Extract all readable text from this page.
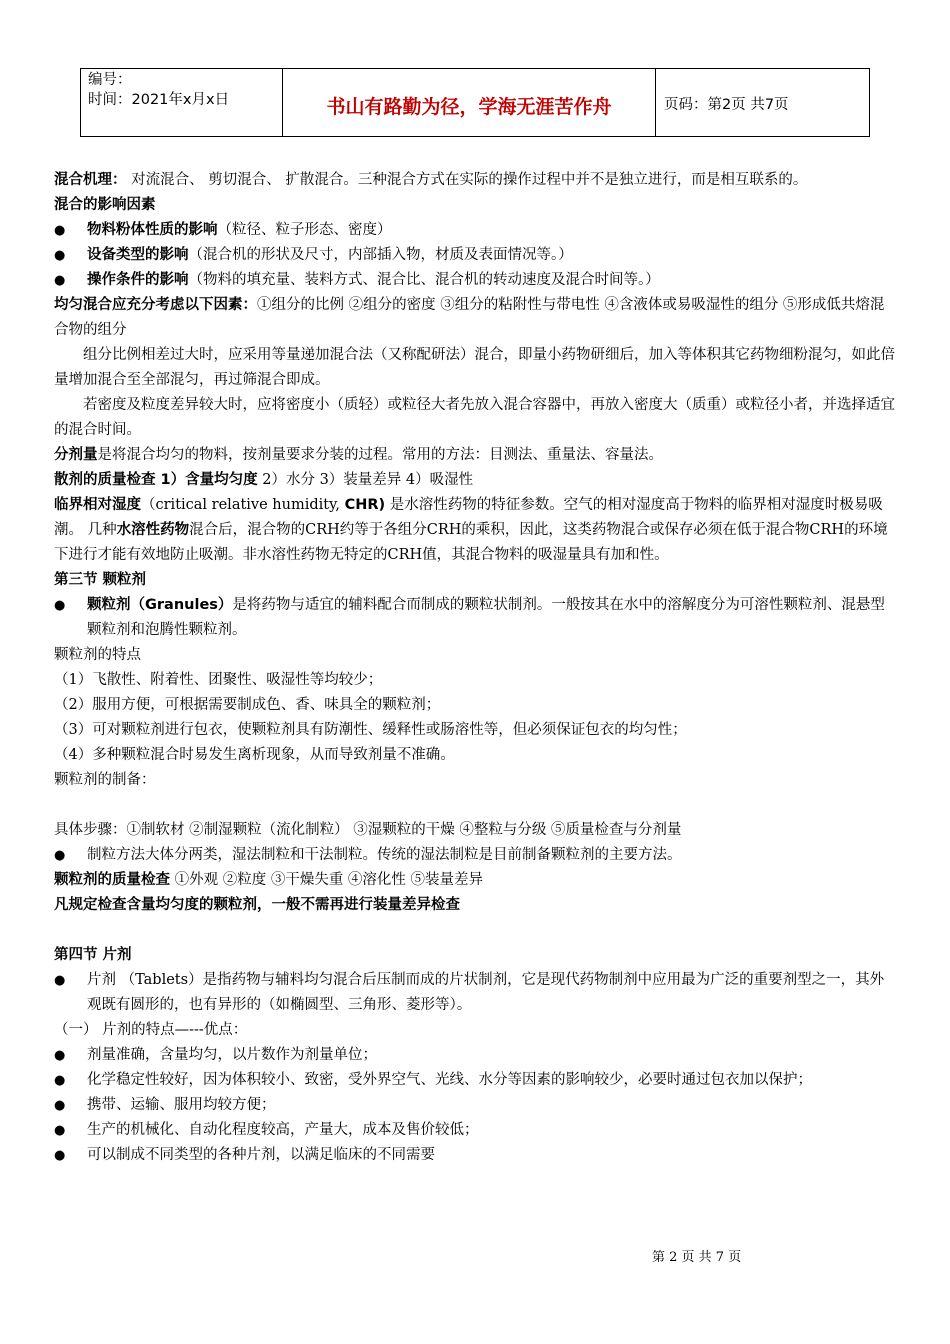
编号：
时间：2021年x月x日	书山有路勤为径，学海无涯苦作舟	页码：第2页 共7页

混合机理： 对流混合、 剪切混合、 扩散混合。三种混合方式在实际的操作过程中并不是独立进行，而是相互联系的。

混合的影响因素

● 物料粉体性质的影响（粒径、粒子形态、密度）

● 设备类型的影响（混合机的形状及尺寸，内部插入物，材质及表面情况等。）

● 操作条件的影响（物料的填充量、装料方式、混合比、混合机的转动速度及混合时间等。）

均匀混合应充分考虑以下因素：①组分的比例 ②组分的密度 ③组分的粘附性与带电性 ④含液体或易吸湿性的组分 ⑤形成低共熔混合物的组分

组分比例相差过大时，应采用等量递加混合法（又称配研法）混合，即量小药物研细后，加入等体积其它药物细粉混匀，如此倍量增加混合至全部混匀，再过筛混合即成。

若密度及粒度差异较大时，应将密度小（质轻）或粒径大者先放入混合容器中，再放入密度大（质重）或粒径小者，并选择适宜的混合时间。

分剂量是将混合均匀的物料，按剂量要求分装的过程。常用的方法：目测法、重量法、容量法。

散剂的质量检查 1）含量均匀度 2）水分 3）装量差异 4）吸湿性

临界相对湿度（critical relative humidity, CHR) 是水溶性药物的特征参数。空气的相对湿度高于物料的临界相对湿度时极易吸潮。 几种水溶性药物混合后，混合物的CRH约等于各组分CRH的乘积，因此，这类药物混合或保存必须在低于混合物CRH的环境下进行才能有效地防止吸潮。非水溶性药物无特定的CRH值，其混合物料的吸湿量具有加和性。

第三节 颗粒剂

● 颗粒剂（Granules）是将药物与适宜的辅料配合而制成的颗粒状制剂。一般按其在水中的溶解度分为可溶性颗粒剂、混悬型颗粒剂和泡腾性颗粒剂。

颗粒剂的特点

（1）飞散性、附着性、团聚性、吸湿性等均较少；

（2）服用方便，可根据需要制成色、香、味具全的颗粒剂；

（3）可对颗粒剂进行包衣，使颗粒剂具有防潮性、缓释性或肠溶性等，但必须保证包衣的均匀性；

（4）多种颗粒混合时易发生离析现象，从而导致剂量不准确。

颗粒剂的制备：

具体步骤：①制软材 ②制湿颗粒（流化制粒） ③湿颗粒的干燥 ④整粒与分级 ⑤质量检查与分剂量

● 制粒方法大体分两类，湿法制粒和干法制粒。传统的湿法制粒是目前制备颗粒剂的主要方法。

颗粒剂的质量检查 ①外观 ②粒度 ③干燥失重 ④溶化性 ⑤装量差异

凡规定检查含量均匀度的颗粒剂，一般不需再进行装量差异检查

第四节 片剂

● 片剂 （Tablets）是指药物与辅料均匀混合后压制而成的片状制剂，它是现代药物制剂中应用最为广泛的重要剂型之一，其外观既有圆形的，也有异形的（如椭圆型、三角形、菱形等）。

（一） 片剂的特点—---优点：

● 剂量准确，含量均匀，以片数作为剂量单位；

● 化学稳定性较好，因为体积较小、致密，受外界空气、光线、水分等因素的影响较少，必要时通过包衣加以保护；

● 携带、运输、服用均较方便；

● 生产的机械化、自动化程度较高，产量大，成本及售价较低；

● 可以制成不同类型的各种片剂，以满足临床的不同需要

第 2 页 共 7 页
